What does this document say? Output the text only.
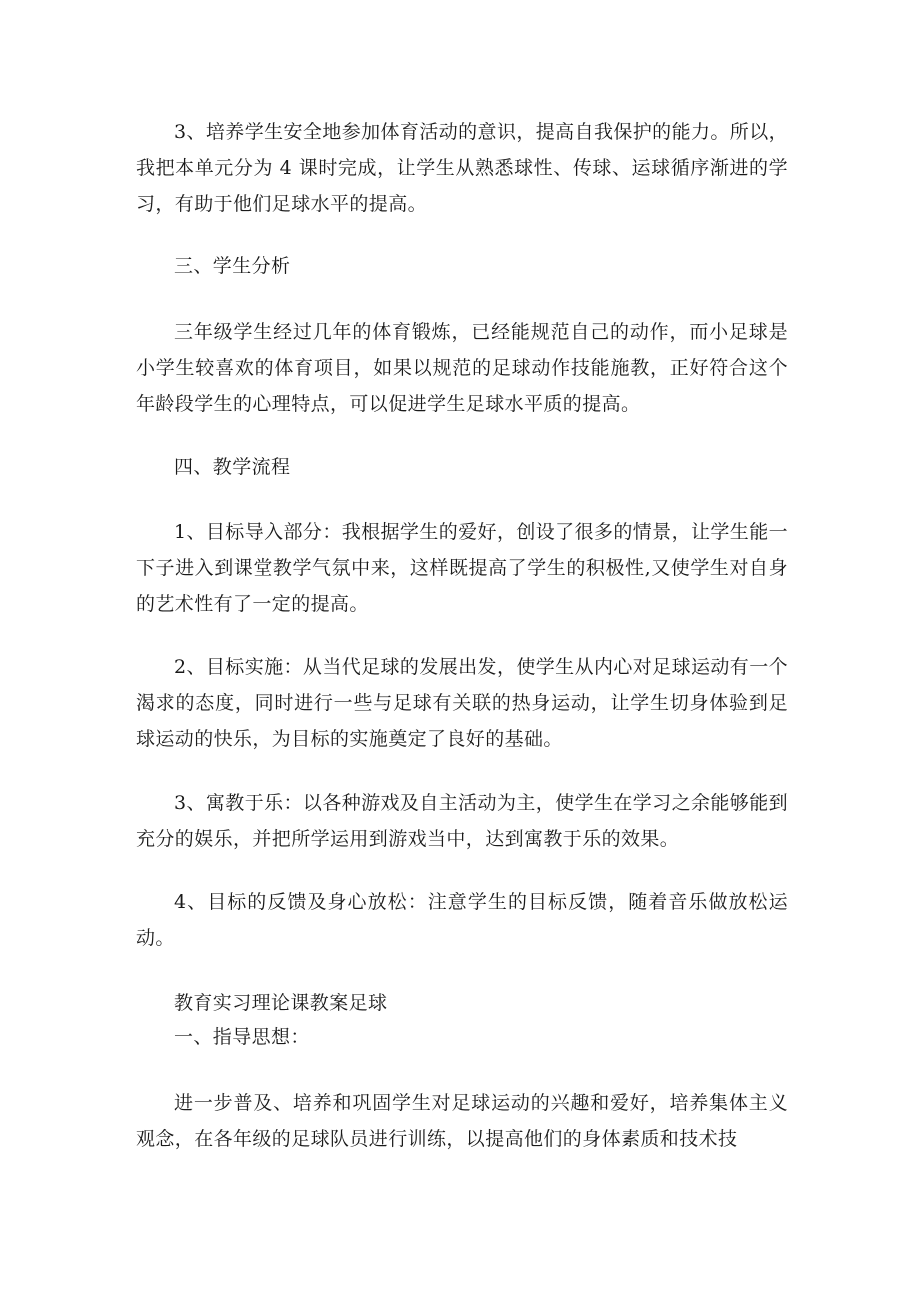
3、培养学生安全地参加体育活动的意识，提高自我保护的能力。所以，我把本单元分为 4 课时完成，让学生从熟悉球性、传球、运球循序渐进的学习，有助于他们足球水平的提高。

三、学生分析

三年级学生经过几年的体育锻炼，已经能规范自己的动作，而小足球是小学生较喜欢的体育项目，如果以规范的足球动作技能施教，正好符合这个年龄段学生的心理特点，可以促进学生足球水平质的提高。

四、教学流程

1、目标导入部分：我根据学生的爱好，创设了很多的情景，让学生能一下子进入到课堂教学气氛中来，这样既提高了学生的积极性,又使学生对自身的艺术性有了一定的提高。

2、目标实施：从当代足球的发展出发，使学生从内心对足球运动有一个渴求的态度，同时进行一些与足球有关联的热身运动，让学生切身体验到足球运动的快乐，为目标的实施奠定了良好的基础。

3、寓教于乐：以各种游戏及自主活动为主，使学生在学习之余能够能到充分的娱乐，并把所学运用到游戏当中，达到寓教于乐的效果。

4、目标的反馈及身心放松：注意学生的目标反馈，随着音乐做放松运动。

教育实习理论课教案足球

一、指导思想：

进一步普及、培养和巩固学生对足球运动的兴趣和爱好，培养集体主义观念，在各年级的足球队员进行训练，以提高他们的身体素质和技术技
